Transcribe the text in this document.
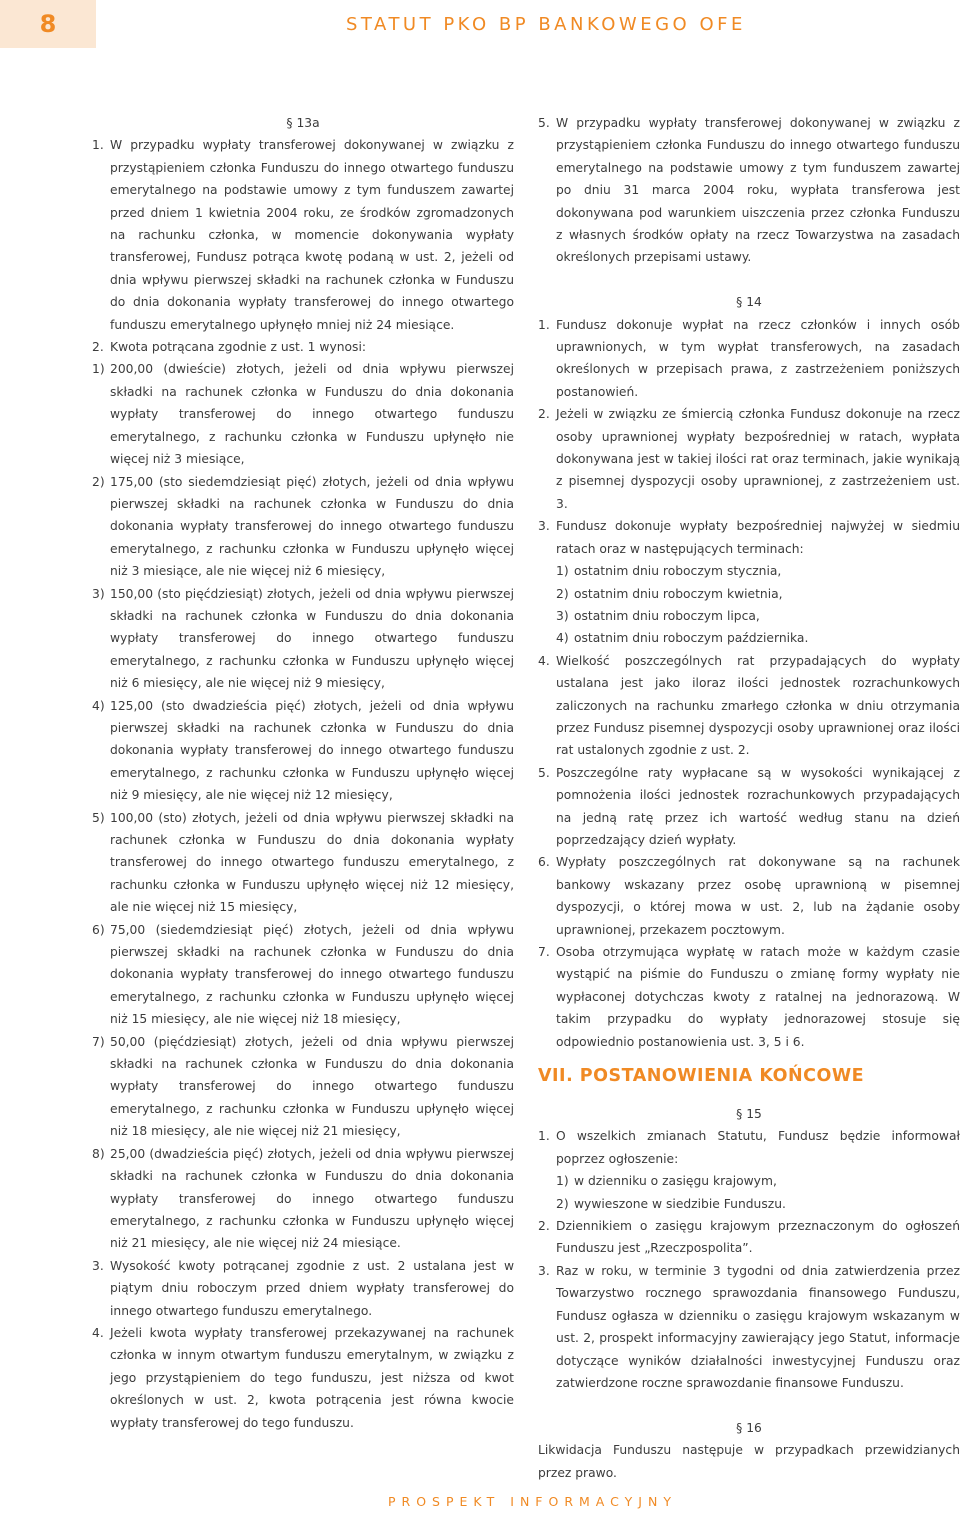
8	STATUT PKO BP BANKOWEGO OFE
§ 13a
1. W przypadku wypłaty transferowej dokonywanej w związku z przystąpieniem członka Funduszu do innego otwartego funduszu emerytalnego na podstawie umowy z tym funduszem zawartej przed dniem 1 kwietnia 2004 roku, ze środków zgromadzonych na rachunku członka, w momencie dokonywania wypłaty transferowej, Fundusz potrąca kwotę podaną w ust. 2, jeżeli od dnia wpływu pierwszej składki na rachunek członka w Funduszu do dnia dokonania wypłaty transferowej do innego otwartego funduszu emerytalnego upłynęło mniej niż 24 miesiące.
2. Kwota potrącana zgodnie z ust. 1 wynosi:
1) 200,00 (dwieście) złotych, jeżeli od dnia wpływu pierwszej składki na rachunek członka w Funduszu do dnia dokonania wypłaty transferowej do innego otwartego funduszu emerytalnego, z rachunku członka w Funduszu upłynęło nie więcej niż 3 miesiące,
2) 175,00 (sto siedemdziesiąt pięć) złotych, jeżeli od dnia wpływu pierwszej składki na rachunek członka w Funduszu do dnia dokonania wypłaty transferowej do innego otwartego funduszu emerytalnego, z rachunku członka w Funduszu upłynęło więcej niż 3 miesiące, ale nie więcej niż 6 miesięcy,
3) 150,00 (sto pięćdziesiąt) złotych, jeżeli od dnia wpływu pierwszej składki na rachunek członka w Funduszu do dnia dokonania wypłaty transferowej do innego otwartego funduszu emerytalnego, z rachunku członka w Funduszu upłynęło więcej niż 6 miesięcy, ale nie więcej niż 9 miesięcy,
4) 125,00 (sto dwadzieścia pięć) złotych, jeżeli od dnia wpływu pierwszej składki na rachunek członka w Funduszu do dnia dokonania wypłaty transferowej do innego otwartego funduszu emerytalnego, z rachunku członka w Funduszu upłynęło więcej niż 9 miesięcy, ale nie więcej niż 12 miesięcy,
5) 100,00 (sto) złotych, jeżeli od dnia wpływu pierwszej składki na rachunek członka w Funduszu do dnia dokonania wypłaty transferowej do innego otwartego funduszu emerytalnego, z rachunku członka w Funduszu upłynęło więcej niż 12 miesięcy, ale nie więcej niż 15 miesięcy,
6) 75,00 (siedemdziesiąt pięć) złotych, jeżeli od dnia wpływu pierwszej składki na rachunek członka w Funduszu do dnia dokonania wypłaty transferowej do innego otwartego funduszu emerytalnego, z rachunku członka w Funduszu upłynęło więcej niż 15 miesięcy, ale nie więcej niż 18 miesięcy,
7) 50,00 (pięćdziesiąt) złotych, jeżeli od dnia wpływu pierwszej składki na rachunek członka w Funduszu do dnia dokonania wypłaty transferowej do innego otwartego funduszu emerytalnego, z rachunku członka w Funduszu upłynęło więcej niż 18 miesięcy, ale nie więcej niż 21 miesięcy,
8) 25,00 (dwadzieścia pięć) złotych, jeżeli od dnia wpływu pierwszej składki na rachunek członka w Funduszu do dnia dokonania wypłaty transferowej do innego otwartego funduszu emerytalnego, z rachunku członka w Funduszu upłynęło więcej niż 21 miesięcy, ale nie więcej niż 24 miesiące.
3. Wysokość kwoty potrącanej zgodnie z ust. 2 ustalana jest w piątym dniu roboczym przed dniem wypłaty transferowej do innego otwartego funduszu emerytalnego.
4. Jeżeli kwota wypłaty transferowej przekazywanej na rachunek członka w innym otwartym funduszu emerytalnym, w związku z jego przystąpieniem do tego funduszu, jest niższa od kwot określonych w ust. 2, kwota potrącenia jest równa kwocie wypłaty transferowej do tego funduszu.
5. W przypadku wypłaty transferowej dokonywanej w związku z przystąpieniem członka Funduszu do innego otwartego funduszu emerytalnego na podstawie umowy z tym funduszem zawartej po dniu 31 marca 2004 roku, wypłata transferowa jest dokonywana pod warunkiem uiszczenia przez członka Funduszu z własnych środków opłaty na rzecz Towarzystwa na zasadach określonych przepisami ustawy.
§ 14
1. Fundusz dokonuje wypłat na rzecz członków i innych osób uprawnionych, w tym wypłat transferowych, na zasadach określonych w przepisach prawa, z zastrzeżeniem poniższych postanowień.
2. Jeżeli w związku ze śmiercią członka Fundusz dokonuje na rzecz osoby uprawnionej wypłaty bezpośredniej w ratach, wypłata dokonywana jest w takiej ilości rat oraz terminach, jakie wynikają z pisemnej dyspozycji osoby uprawnionej, z zastrzeżeniem ust. 3.
3. Fundusz dokonuje wypłaty bezpośredniej najwyżej w siedmiu ratach oraz w następujących terminach:
1) ostatnim dniu roboczym stycznia,
2) ostatnim dniu roboczym kwietnia,
3) ostatnim dniu roboczym lipca,
4) ostatnim dniu roboczym października.
4. Wielkość poszczególnych rat przypadających do wypłaty ustalana jest jako iloraz ilości jednostek rozrachunkowych zaliczonych na rachunku zmarłego członka w dniu otrzymania przez Fundusz pisemnej dyspozycji osoby uprawnionej oraz ilości rat ustalonych zgodnie z ust. 2.
5. Poszczególne raty wypłacane są w wysokości wynikającej z pomnożenia ilości jednostek rozrachunkowych przypadających na jedną ratę przez ich wartość według stanu na dzień poprzedzający dzień wypłaty.
6. Wypłaty poszczególnych rat dokonywane są na rachunek bankowy wskazany przez osobę uprawnioną w pisemnej dyspozycji, o której mowa w ust. 2, lub na żądanie osoby uprawnionej, przekazem pocztowym.
7. Osoba otrzymująca wypłatę w ratach może w każdym czasie wystąpić na piśmie do Funduszu o zmianę formy wypłaty nie wypłaconej dotychczas kwoty z ratalnej na jednorazową. W takim przypadku do wypłaty jednorazowej stosuje się odpowiednio postanowienia ust. 3, 5 i 6.
VII. POSTANOWIENIA KOŃCOWE
§ 15
1. O wszelkich zmianach Statutu, Fundusz będzie informował poprzez ogłoszenie:
1) w dzienniku o zasięgu krajowym,
2) wywieszone w siedzibie Funduszu.
2. Dziennikiem o zasięgu krajowym przeznaczonym do ogłoszeń Funduszu jest „Rzeczpospolita”.
3. Raz w roku, w terminie 3 tygodni od dnia zatwierdzenia przez Towarzystwo rocznego sprawozdania finansowego Funduszu, Fundusz ogłasza w dzienniku o zasięgu krajowym wskazanym w ust. 2, prospekt informacyjny zawierający jego Statut, informacje dotyczące wyników działalności inwestycyjnej Funduszu oraz zatwierdzone roczne sprawozdanie finansowe Funduszu.
§ 16
Likwidacja Funduszu następuje w przypadkach przewidzianych przez prawo.
PROSPEKT INFORMACYJNY
